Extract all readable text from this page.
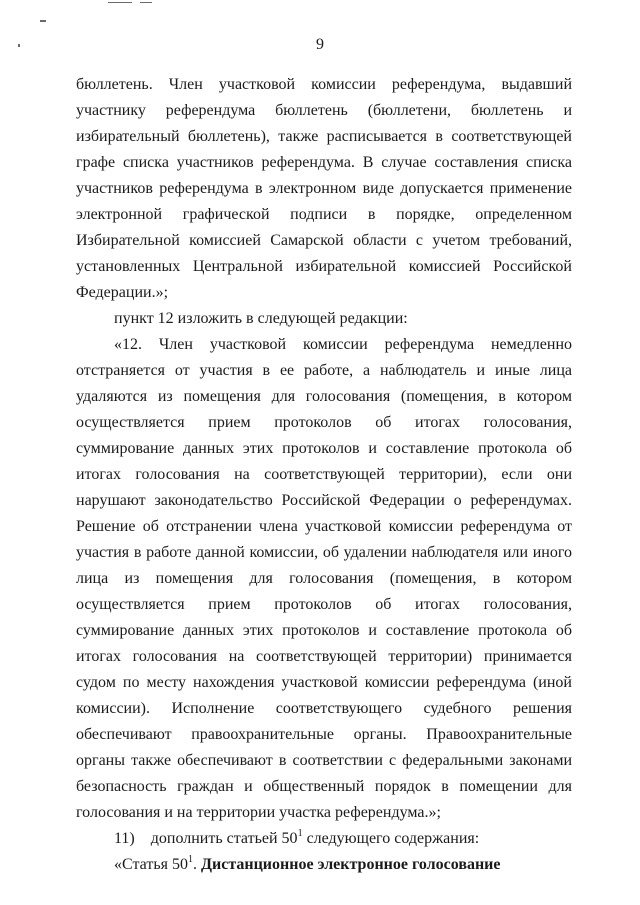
9

бюллетень. Член участковой комиссии референдума, выдавший участнику референдума бюллетень (бюллетени, бюллетень и избирательный бюллетень), также расписывается в соответствующей графе списка участников референдума. В случае составления списка участников референдума в электронном виде допускается применение электронной графической подписи в порядке, определенном Избирательной комиссией Самарской области с учетом требований, установленных Центральной избирательной комиссией Российской Федерации.»;

пункт 12 изложить в следующей редакции:

«12. Член участковой комиссии референдума немедленно отстраняется от участия в ее работе, а наблюдатель и иные лица удаляются из помещения для голосования (помещения, в котором осуществляется прием протоколов об итогах голосования, суммирование данных этих протоколов и составление протокола об итогах голосования на соответствующей территории), если они нарушают законодательство Российской Федерации о референдумах. Решение об отстранении члена участковой комиссии референдума от участия в работе данной комиссии, об удалении наблюдателя или иного лица из помещения для голосования (помещения, в котором осуществляется прием протоколов об итогах голосования, суммирование данных этих протоколов и составление протокола об итогах голосования на соответствующей территории) принимается судом по месту нахождения участковой комиссии референдума (иной комиссии). Исполнение соответствующего судебного решения обеспечивают правоохранительные органы. Правоохранительные органы также обеспечивают в соответствии с федеральными законами безопасность граждан и общественный порядок в помещении для голосования и на территории участка референдума.»;

11)    дополнить статьей $50^1$ следующего содержания:

«Статья $50^1$. Дистанционное электронное голосование
